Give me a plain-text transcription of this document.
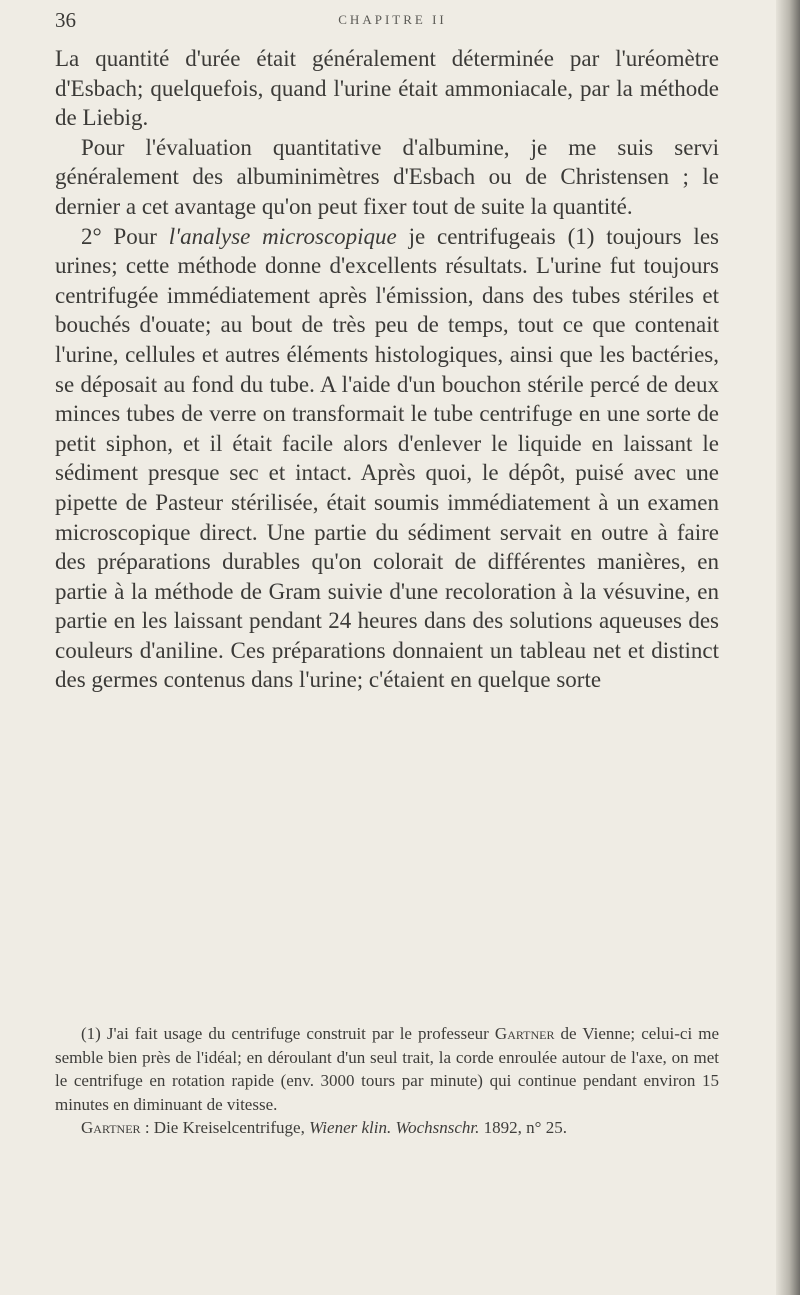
36	CHAPITRE II

La quantité d'urée était généralement déterminée par l'uréomètre d'Esbach; quelquefois, quand l'urine était ammoniacale, par la méthode de Liebig.

Pour l'évaluation quantitative d'albumine, je me suis servi généralement des albuminimètres d'Esbach ou de Christensen ; le dernier a cet avantage qu'on peut fixer tout de suite la quantité.

2° Pour l'analyse microscopique je centrifugeais (1) toujours les urines; cette méthode donne d'excellents résultats. L'urine fut toujours centrifugée immédiatement après l'émission, dans des tubes stériles et bouchés d'ouate; au bout de très peu de temps, tout ce que contenait l'urine, cellules et autres éléments histologiques, ainsi que les bactéries, se déposait au fond du tube. A l'aide d'un bouchon stérile percé de deux minces tubes de verre on transformait le tube centrifuge en une sorte de petit siphon, et il était facile alors d'enlever le liquide en laissant le sédiment presque sec et intact. Après quoi, le dépôt, puisé avec une pipette de Pasteur stérilisée, était soumis immédiatement à un examen microscopique direct. Une partie du sédiment servait en outre à faire des préparations durables qu'on colorait de différentes manières, en partie à la méthode de Gram suivie d'une recoloration à la vésuvine, en partie en les laissant pendant 24 heures dans des solutions aqueuses des couleurs d'aniline. Ces préparations donnaient un tableau net et distinct des germes contenus dans l'urine; c'étaient en quelque sorte

(1) J'ai fait usage du centrifuge construit par le professeur Gartner de Vienne; celui-ci me semble bien près de l'idéal; en déroulant d'un seul trait, la corde enroulée autour de l'axe, on met le centrifuge en rotation rapide (env. 3000 tours par minute) qui continue pendant environ 15 minutes en diminuant de vitesse.

Gartner : Die Kreiselcentrifuge, Wiener klin. Wochsnschr. 1892, n° 25.
